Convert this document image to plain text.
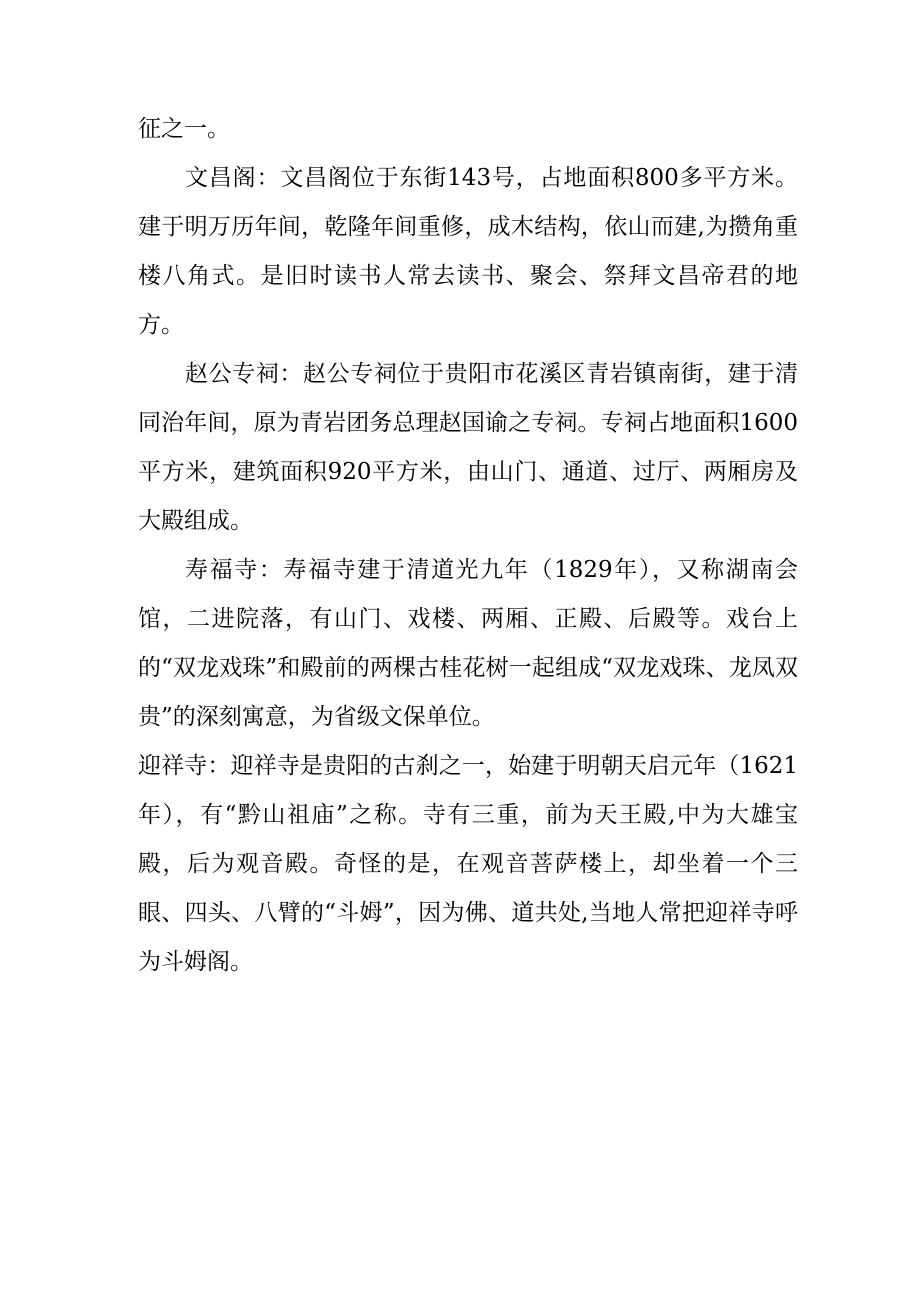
征之一。

文昌阁：文昌阁位于东街143号，占地面积800多平方米。建于明万历年间，乾隆年间重修，成木结构，依山而建,为攒角重楼八角式。是旧时读书人常去读书、聚会、祭拜文昌帝君的地方。

赵公专祠：赵公专祠位于贵阳市花溪区青岩镇南街，建于清同治年间，原为青岩团务总理赵国谕之专祠。专祠占地面积1600平方米，建筑面积920平方米，由山门、通道、过厅、两厢房及大殿组成。

寿福寺：寿福寺建于清道光九年（1829年），又称湖南会馆，二进院落，有山门、戏楼、两厢、正殿、后殿等。戏台上的“双龙戏珠”和殿前的两棵古桂花树一起组成“双龙戏珠、龙凤双贵”的深刻寓意，为省级文保单位。

迎祥寺：迎祥寺是贵阳的古刹之一，始建于明朝天启元年（1621年），有“黔山祖庙”之称。寺有三重，前为天王殿,中为大雄宝殿，后为观音殿。奇怪的是，在观音菩萨楼上，却坐着一个三眼、四头、八臂的“斗姆”，因为佛、道共处,当地人常把迎祥寺呼为斗姆阁。
